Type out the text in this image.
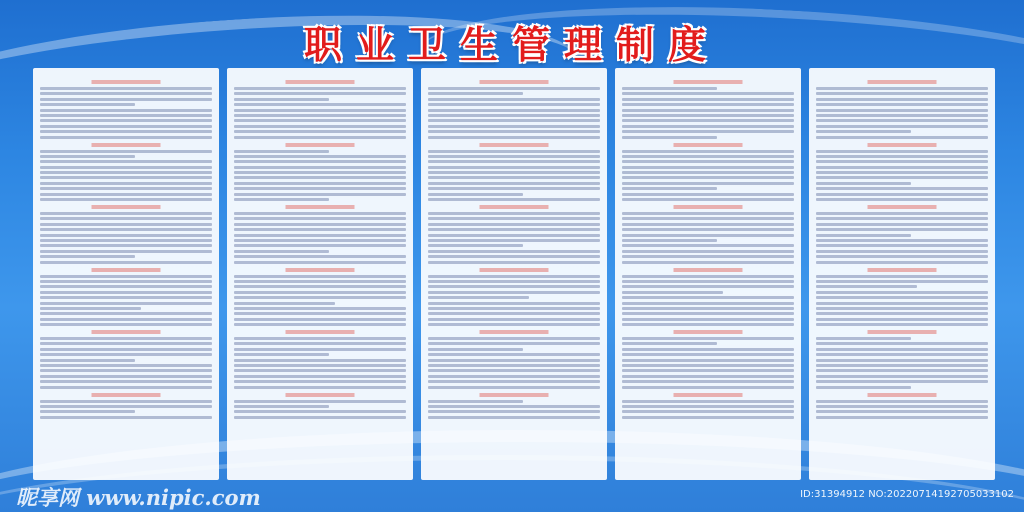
职业卫生管理制度
昵享网 www.nipic.com	ID:31394912 NO:20220714192705033102
